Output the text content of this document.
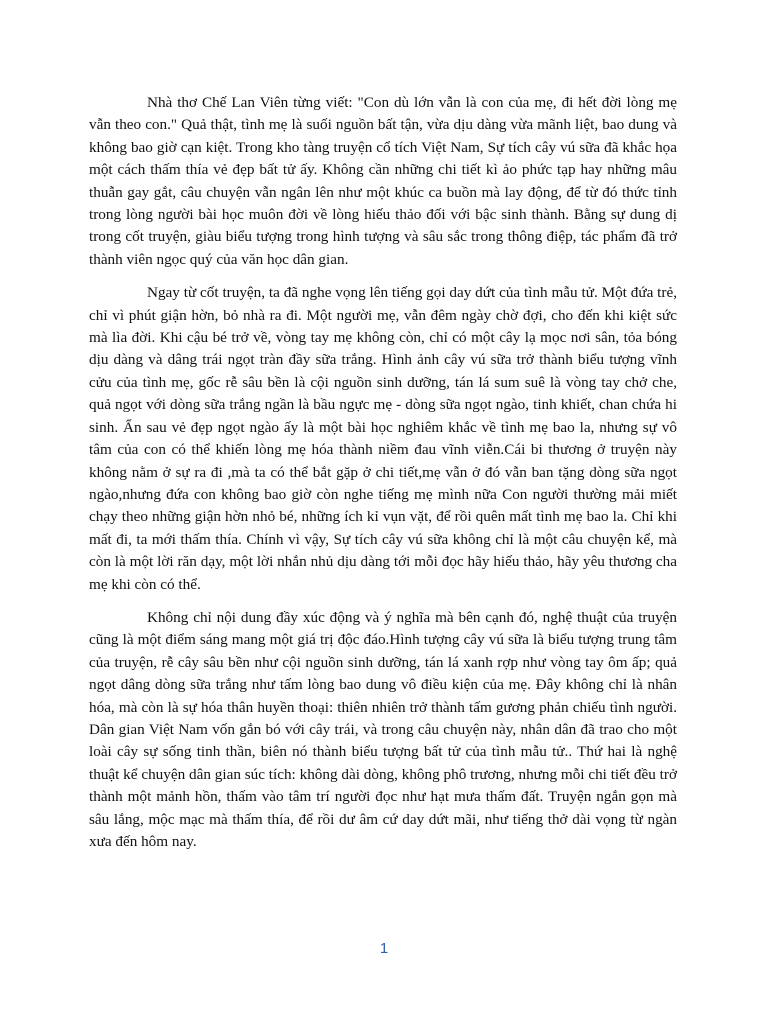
Nhà thơ Chế Lan Viên từng viết: "Con dù lớn vẫn là con của mẹ, đi hết đời lòng mẹ vẫn theo con." Quả thật, tình mẹ là suối nguồn bất tận, vừa dịu dàng vừa mãnh liệt, bao dung và không bao giờ cạn kiệt. Trong kho tàng truyện cổ tích Việt Nam, Sự tích cây vú sữa đã khắc họa một cách thấm thía vẻ đẹp bất tử ấy. Không cần những chi tiết kì ảo phức tạp hay những mâu thuẫn gay gắt, câu chuyện vẫn ngân lên như một khúc ca buồn mà lay động, để từ đó thức tỉnh trong lòng người bài học muôn đời về lòng hiếu thảo đối với bậc sinh thành. Bằng sự dung dị trong cốt truyện, giàu biểu tượng trong hình tượng và sâu sắc trong thông điệp, tác phẩm đã trở thành viên ngọc quý của văn học dân gian.

Ngay từ cốt truyện, ta đã nghe vọng lên tiếng gọi day dứt của tình mẫu tử. Một đứa trẻ, chỉ vì phút giận hờn, bỏ nhà ra đi. Một người mẹ, vẫn đêm ngày chờ đợi, cho đến khi kiệt sức mà lìa đời. Khi cậu bé trở về, vòng tay mẹ không còn, chỉ có một cây lạ mọc nơi sân, tỏa bóng dịu dàng và dâng trái ngọt tràn đầy sữa trắng. Hình ảnh cây vú sữa trở thành biểu tượng vĩnh cửu của tình mẹ, gốc rễ sâu bền là cội nguồn sinh dưỡng, tán lá sum suê là vòng tay chở che, quả ngọt với dòng sữa trắng ngần là bầu ngực mẹ - dòng sữa ngọt ngào, tinh khiết, chan chứa hi sinh. Ẩn sau vẻ đẹp ngọt ngào ấy là một bài học nghiêm khắc về tình mẹ bao la, nhưng sự vô tâm của con có thể khiến lòng mẹ hóa thành niềm đau vĩnh viễn.Cái bi thương ở truyện này không nằm ở sự ra đi ,mà ta có thể bắt gặp ở chi tiết,mẹ vẫn ở đó vẫn ban tặng dòng sữa ngọt ngào,nhưng đứa con không bao giờ còn nghe tiếng mẹ mình nữa Con người thường mải miết chạy theo những giận hờn nhỏ bé, những ích kỉ vụn vặt, để rồi quên mất tình mẹ bao la. Chỉ khi mất đi, ta mới thấm thía. Chính vì vậy, Sự tích cây vú sữa không chỉ là một câu chuyện kể, mà còn là một lời răn dạy, một lời nhắn nhủ dịu dàng tới mỗi đọc hãy hiếu thảo, hãy yêu thương cha mẹ khi còn có thể.

Không chỉ nội dung đầy xúc động và ý nghĩa mà bên cạnh đó, nghệ thuật của truyện cũng là một điểm sáng mang một giá trị độc đáo.Hình tượng cây vú sữa là biểu tượng trung tâm của truyện, rễ cây sâu bền như cội nguồn sinh dưỡng, tán lá xanh rợp như vòng tay ôm ấp; quả ngọt dâng dòng sữa trắng như tấm lòng bao dung vô điều kiện của mẹ. Đây không chỉ là nhân hóa, mà còn là sự hóa thân huyền thoại: thiên nhiên trở thành tấm gương phản chiếu tình người. Dân gian Việt Nam vốn gắn bó với cây trái, và trong câu chuyện này, nhân dân đã trao cho một loài cây sự sống tinh thần, biên nó thành biểu tượng bất tử của tình mẫu tử.. Thứ hai là nghệ thuật kể chuyện dân gian súc tích: không dài dòng, không phô trương, nhưng mỗi chi tiết đều trở thành một mảnh hồn, thấm vào tâm trí người đọc như hạt mưa thấm đất. Truyện ngắn gọn mà sâu lắng, mộc mạc mà thấm thía, để rồi dư âm cứ day dứt mãi, như tiếng thở dài vọng từ ngàn xưa đến hôm nay.

1
